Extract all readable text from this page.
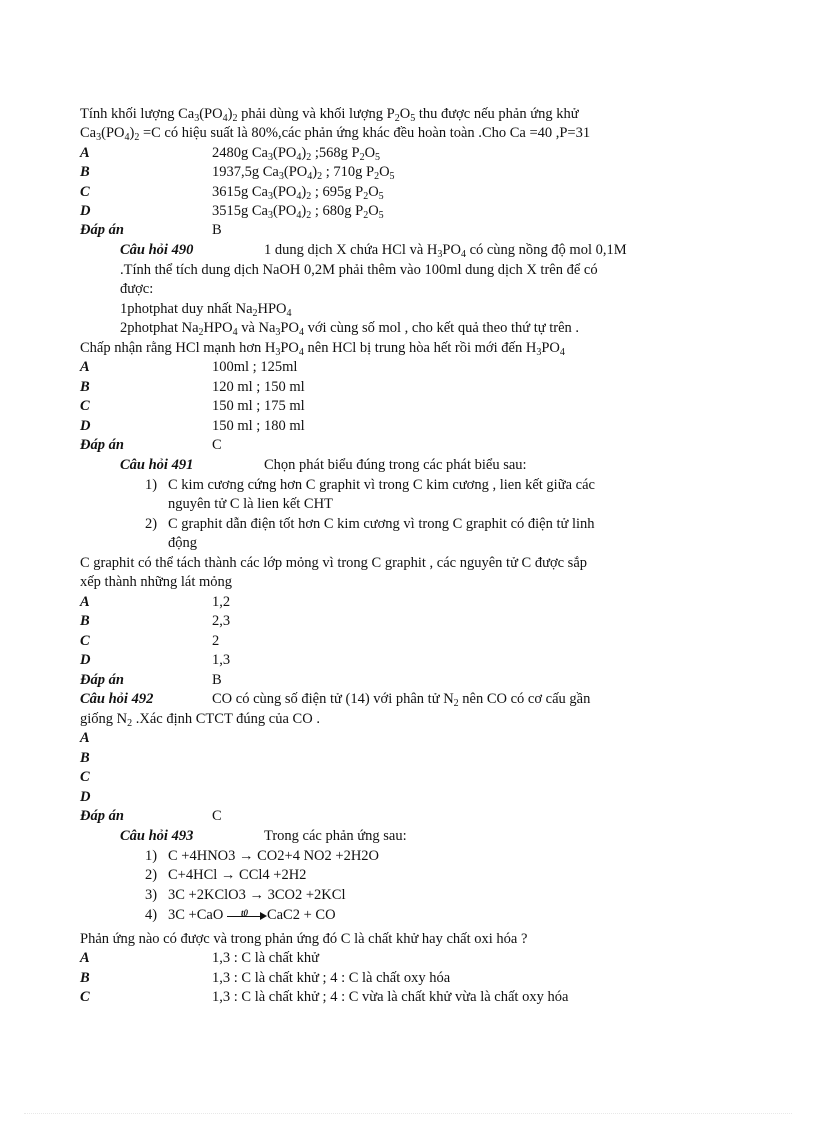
Tính khối lượng $Ca_3(PO_4)_2$ phải dùng và khối lượng $P_2O_5$ thu được nếu phản ứng khử
$Ca_3(PO_4)_2 =C$ có hiệu suất là 80%,các phản ứng khác đều hoàn toàn .Cho Ca =40 ,P=31
A	2480g $Ca_3(PO_4)_2$ ;568g $P_2O_5$
B	1937,5g $Ca_3(PO_4)_2$ ; 710g $P_2O_5$
C	3615g $Ca_3(PO_4)_2$ ; 695g $P_2O_5$
D	3515g $Ca_3(PO_4)_2$ ; 680g $P_2O_5$
Đáp án	B
Câu hỏi 490	1 dung dịch X chứa HCl và $H_3PO_4$ có cùng nồng độ mol 0,1M
.Tính thể tích dung dịch NaOH 0,2M phải thêm vào 100ml dung dịch X trên để có
được:
1photphat duy nhất $Na_2HPO_4$
2photphat $Na_2HPO_4$ và $Na_3PO_4$ với cùng số mol , cho kết quả theo thứ tự trên .
Chấp nhận rằng HCl mạnh hơn $H_3PO_4$ nên HCl bị trung hòa hết rồi mới đến $H_3PO_4$
A	100ml ; 125ml
B	120 ml ; 150 ml
C	150 ml ; 175 ml
D	150 ml ; 180 ml
Đáp án	C
Câu hỏi 491	Chọn phát biểu đúng trong các phát biểu sau:
1) C kim cương cứng hơn C graphit vì trong C kim cương , lien kết giữa các
nguyên tử C là lien kết CHT
2) C graphit dẫn điện tốt hơn C kim cương vì trong C graphit có điện tử linh
động
C graphit có thể tách thành các lớp mỏng vì trong C graphit , các nguyên tử C được sắp
xếp thành những lát mỏng
A	1,2
B	2,3
C	2
D	1,3
Đáp án	B
Câu hỏi 492	CO có cùng số điện tử (14) với phân tử $N_2$ nên CO có cơ cấu gần
giống $N_2$ .Xác định CTCT đúng của CO .
A
B
C
D
Đáp án	C
Câu hỏi 493	Trong các phản ứng sau:
1) C +4HNO3 → CO2+4 NO2 +2H2O
2) C+4HCl → CCl4 +2H2
3) 3C +2KClO3 → 3CO2 +2KCl
4) 3C +CaO t0 CaC2 + CO
Phản ứng nào có được và trong phản ứng đó C là chất khử hay chất oxi hóa ?
A	1,3 : C là chất khử
B	1,3 : C là chất khử ; 4 : C là chất oxy hóa
C	1,3 : C là chất khử ; 4 : C vừa là chất khử vừa là chất oxy hóa
